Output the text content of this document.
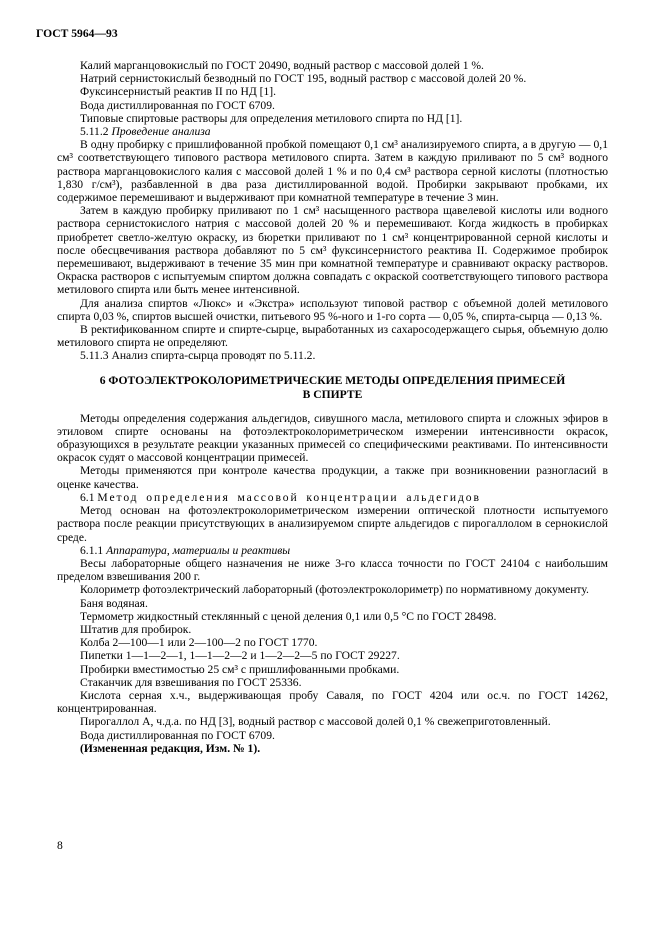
ГОСТ 5964—93

Калий марганцовокислый по ГОСТ 20490, водный раствор с массовой долей 1 %.

Натрий сернистокислый безводный по ГОСТ 195, водный раствор с массовой долей 20 %.

Фуксинсернистый реактив II по НД [1].

Вода дистиллированная по ГОСТ 6709.

Типовые спиртовые растворы для определения метилового спирта по НД [1].

5.11.2 Проведение анализа

В одну пробирку с пришлифованной пробкой помещают 0,1 см³ анализируемого спирта, а в другую — 0,1 см³ соответствующего типового раствора метилового спирта. Затем в каждую приливают по 5 см³ водного раствора марганцовокислого калия с массовой долей 1 % и по 0,4 см³ раствора серной кислоты (плотностью 1,830 г/см³), разбавленной в два раза дистиллированной водой. Пробирки закрывают пробками, их содержимое перемешивают и выдерживают при комнатной температуре в течение 3 мин.

Затем в каждую пробирку приливают по 1 см³ насыщенного раствора щавелевой кислоты или водного раствора сернистокислого натрия с массовой долей 20 % и перемешивают. Когда жидкость в пробирках приобретет светло-желтую окраску, из бюретки приливают по 1 см³ концентрированной серной кислоты и после обесцвечивания раствора добавляют по 5 см³ фуксинсернистого реактива II. Содержимое пробирок перемешивают, выдерживают в течение 35 мин при комнатной температуре и сравнивают окраску растворов. Окраска растворов с испытуемым спиртом должна совпадать с окраской соответствующего типового раствора метилового спирта или быть менее интенсивной.

Для анализа спиртов «Люкс» и «Экстра» используют типовой раствор с объемной долей метилового спирта 0,03 %, спиртов высшей очистки, питьевого 95 %-ного и 1-го сорта — 0,05 %, спирта-сырца — 0,13 %.

В ректификованном спирте и спирте-сырце, выработанных из сахаросодержащего сырья, объемную долю метилового спирта не определяют.

5.11.3 Анализ спирта-сырца проводят по 5.11.2.

6 ФОТОЭЛЕКТРОКОЛОРИМЕТРИЧЕСКИЕ МЕТОДЫ ОПРЕДЕЛЕНИЯ ПРИМЕСЕЙ
В СПИРТЕ

Методы определения содержания альдегидов, сивушного масла, метилового спирта и сложных эфиров в этиловом спирте основаны на фотоэлектроколориметрическом измерении интенсивности окрасок, образующихся в результате реакции указанных примесей со специфическими реактивами. По интенсивности окрасок судят о массовой концентрации примесей.

Методы применяются при контроле качества продукции, а также при возникновении разногласий в оценке качества.

6.1 Метод определения массовой концентрации альдегидов

Метод основан на фотоэлектроколориметрическом измерении оптической плотности испытуемого раствора после реакции присутствующих в анализируемом спирте альдегидов с пирогаллолом в сернокислой среде.

6.1.1 Аппаратура, материалы и реактивы

Весы лабораторные общего назначения не ниже 3-го класса точности по ГОСТ 24104 с наибольшим пределом взвешивания 200 г.

Колориметр фотоэлектрический лабораторный (фотоэлектроколориметр) по нормативному документу.

Баня водяная.

Термометр жидкостный стеклянный с ценой деления 0,1 или 0,5 °С по ГОСТ 28498.

Штатив для пробирок.

Колба 2—100—1 или 2—100—2 по ГОСТ 1770.

Пипетки 1—1—2—1, 1—1—2—2 и 1—2—2—5 по ГОСТ 29227.

Пробирки вместимостью 25 см³ с пришлифованными пробками.

Стаканчик для взвешивания по ГОСТ 25336.

Кислота серная х.ч., выдерживающая пробу Саваля, по ГОСТ 4204 или ос.ч. по ГОСТ 14262, концентрированная.

Пирогаллол А, ч.д.а. по НД [3], водный раствор с массовой долей 0,1 % свежеприготовленный.

Вода дистиллированная по ГОСТ 6709.

(Измененная редакция, Изм. № 1).

8
